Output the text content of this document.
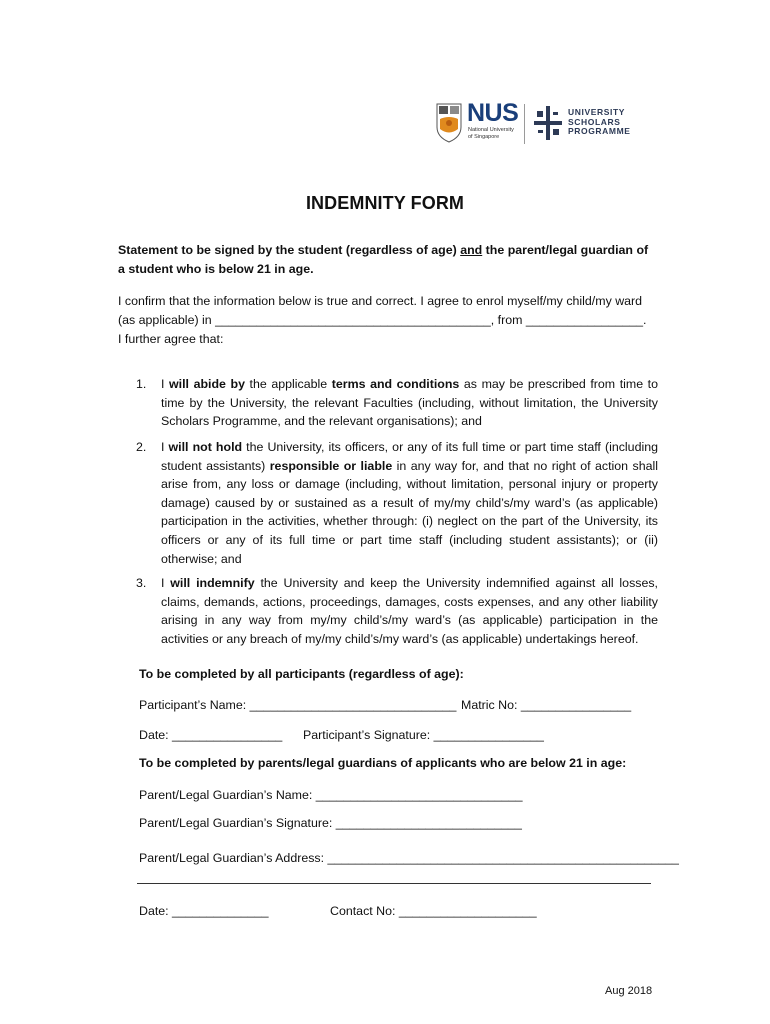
NUS
National University
of Singapore
UNIVERSITY
SCHOLARS
PROGRAMME
INDEMNITY FORM
Statement to be signed by the student (regardless of age) and the parent/legal guardian of a student who is below 21 in age.
I confirm that the information below is true and correct. I agree to enrol myself/my child/my ward
(as applicable) in ________________________________________, from _________________.
I further agree that:
1. I will abide by the applicable terms and conditions as may be prescribed from time to time by the University, the relevant Faculties (including, without limitation, the University Scholars Programme, and the relevant organisations); and
2. I will not hold the University, its officers, or any of its full time or part time staff (including student assistants) responsible or liable in any way for, and that no right of action shall arise from, any loss or damage (including, without limitation, personal injury or property damage) caused by or sustained as a result of my/my child’s/my ward’s (as applicable) participation in the activities, whether through: (i) neglect on the part of the University, its officers or any of its full time or part time staff (including student assistants); or (ii) otherwise; and
3. I will indemnify the University and keep the University indemnified against all losses, claims, demands, actions, proceedings, damages, costs expenses, and any other liability arising in any way from my/my child’s/my ward’s (as applicable) participation in the activities or any breach of my/my child’s/my ward’s (as applicable) undertakings hereof.
To be completed by all participants (regardless of age):
Participant’s Name: ______________________________ Matric No: ________________
Date: ________________ Participant’s Signature: ________________
To be completed by parents/legal guardians of applicants who are below 21 in age:
Parent/Legal Guardian’s Name: ______________________________
Parent/Legal Guardian’s Signature: ___________________________
Parent/Legal Guardian’s Address: ___________________________________________________
Date: ______________	Contact No: ____________________
Aug 2018
